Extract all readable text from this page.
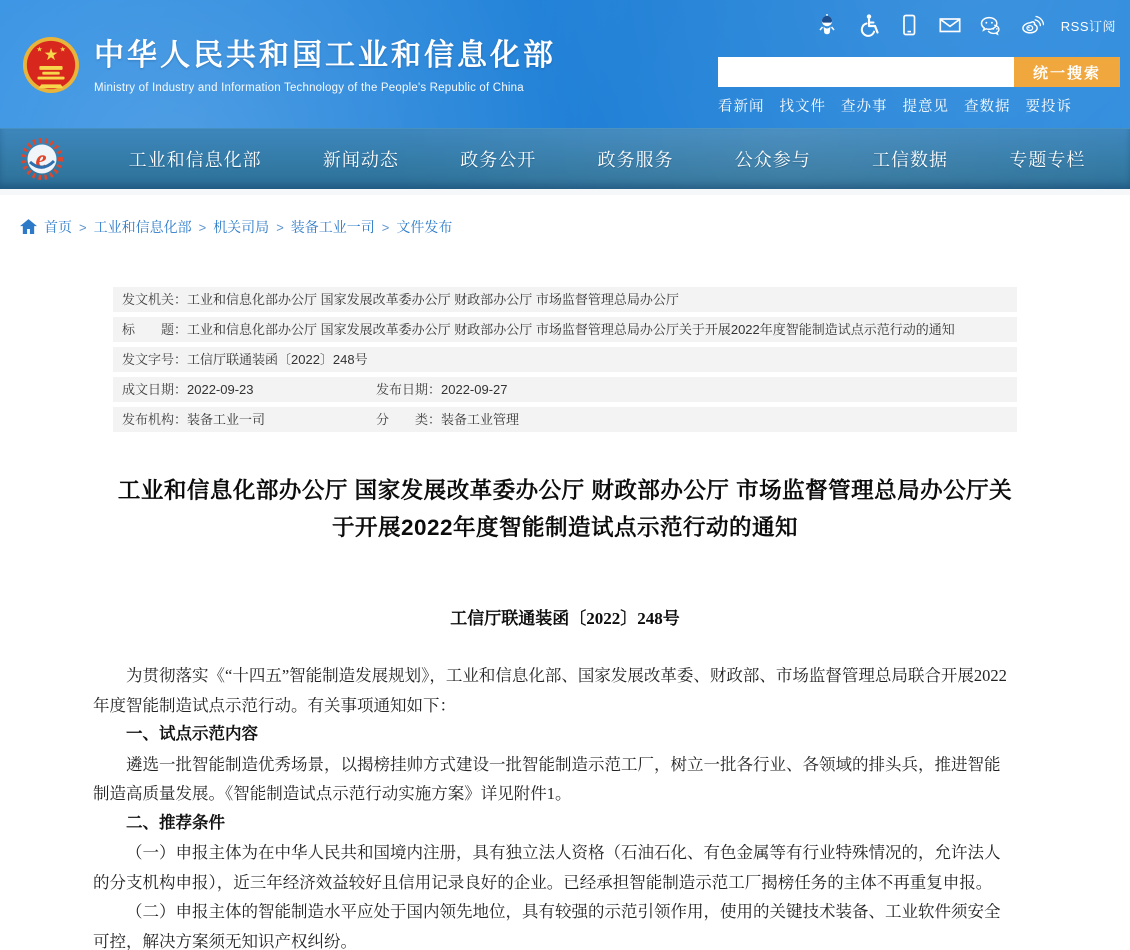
RSS订阅
★
★ ★ 中华人民共和国工业和信息化部
Ministry of Industry and Information Technology of the People's Republic of China
统一搜索
看新闻 找文件 查办事 提意见 查数据 要投诉
e	工业和信息化部	新闻动态	政务公开	政务服务	公众参与	工信数据	专题专栏
首页 > 工业和信息化部 > 机关司局 > 装备工业一司 > 文件发布
发文机关： 工业和信息化部办公厅 国家发展改革委办公厅 财政部办公厅 市场监督管理总局办公厅
标　　题： 工业和信息化部办公厅 国家发展改革委办公厅 财政部办公厅 市场监督管理总局办公厅关于开展2022年度智能制造试点示范行动的通知
发文字号： 工信厅联通装函〔2022〕248号
成文日期： 2022-09-23	发布日期： 2022-09-27
发布机构： 装备工业一司	分　　类： 装备工业管理
工业和信息化部办公厅 国家发展改革委办公厅 财政部办公厅 市场监督管理总局办公厅关于开展2022年度智能制造试点示范行动的通知
工信厅联通装函〔2022〕248号

为贯彻落实《“十四五”智能制造发展规划》，工业和信息化部、国家发展改革委、财政部、市场监督管理总局联合开展2022年度智能制造试点示范行动。有关事项通知如下：

一、试点示范内容

遴选一批智能制造优秀场景，以揭榜挂帅方式建设一批智能制造示范工厂，树立一批各行业、各领域的排头兵，推进智能制造高质量发展。《智能制造试点示范行动实施方案》详见附件1。

二、推荐条件

（一）申报主体为在中华人民共和国境内注册，具有独立法人资格（石油石化、有色金属等有行业特殊情况的，允许法人的分支机构申报），近三年经济效益较好且信用记录良好的企业。已经承担智能制造示范工厂揭榜任务的主体不再重复申报。

（二）申报主体的智能制造水平应处于国内领先地位，具有较强的示范引领作用，使用的关键技术装备、工业软件须安全可控，解决方案须无知识产权纠纷。
